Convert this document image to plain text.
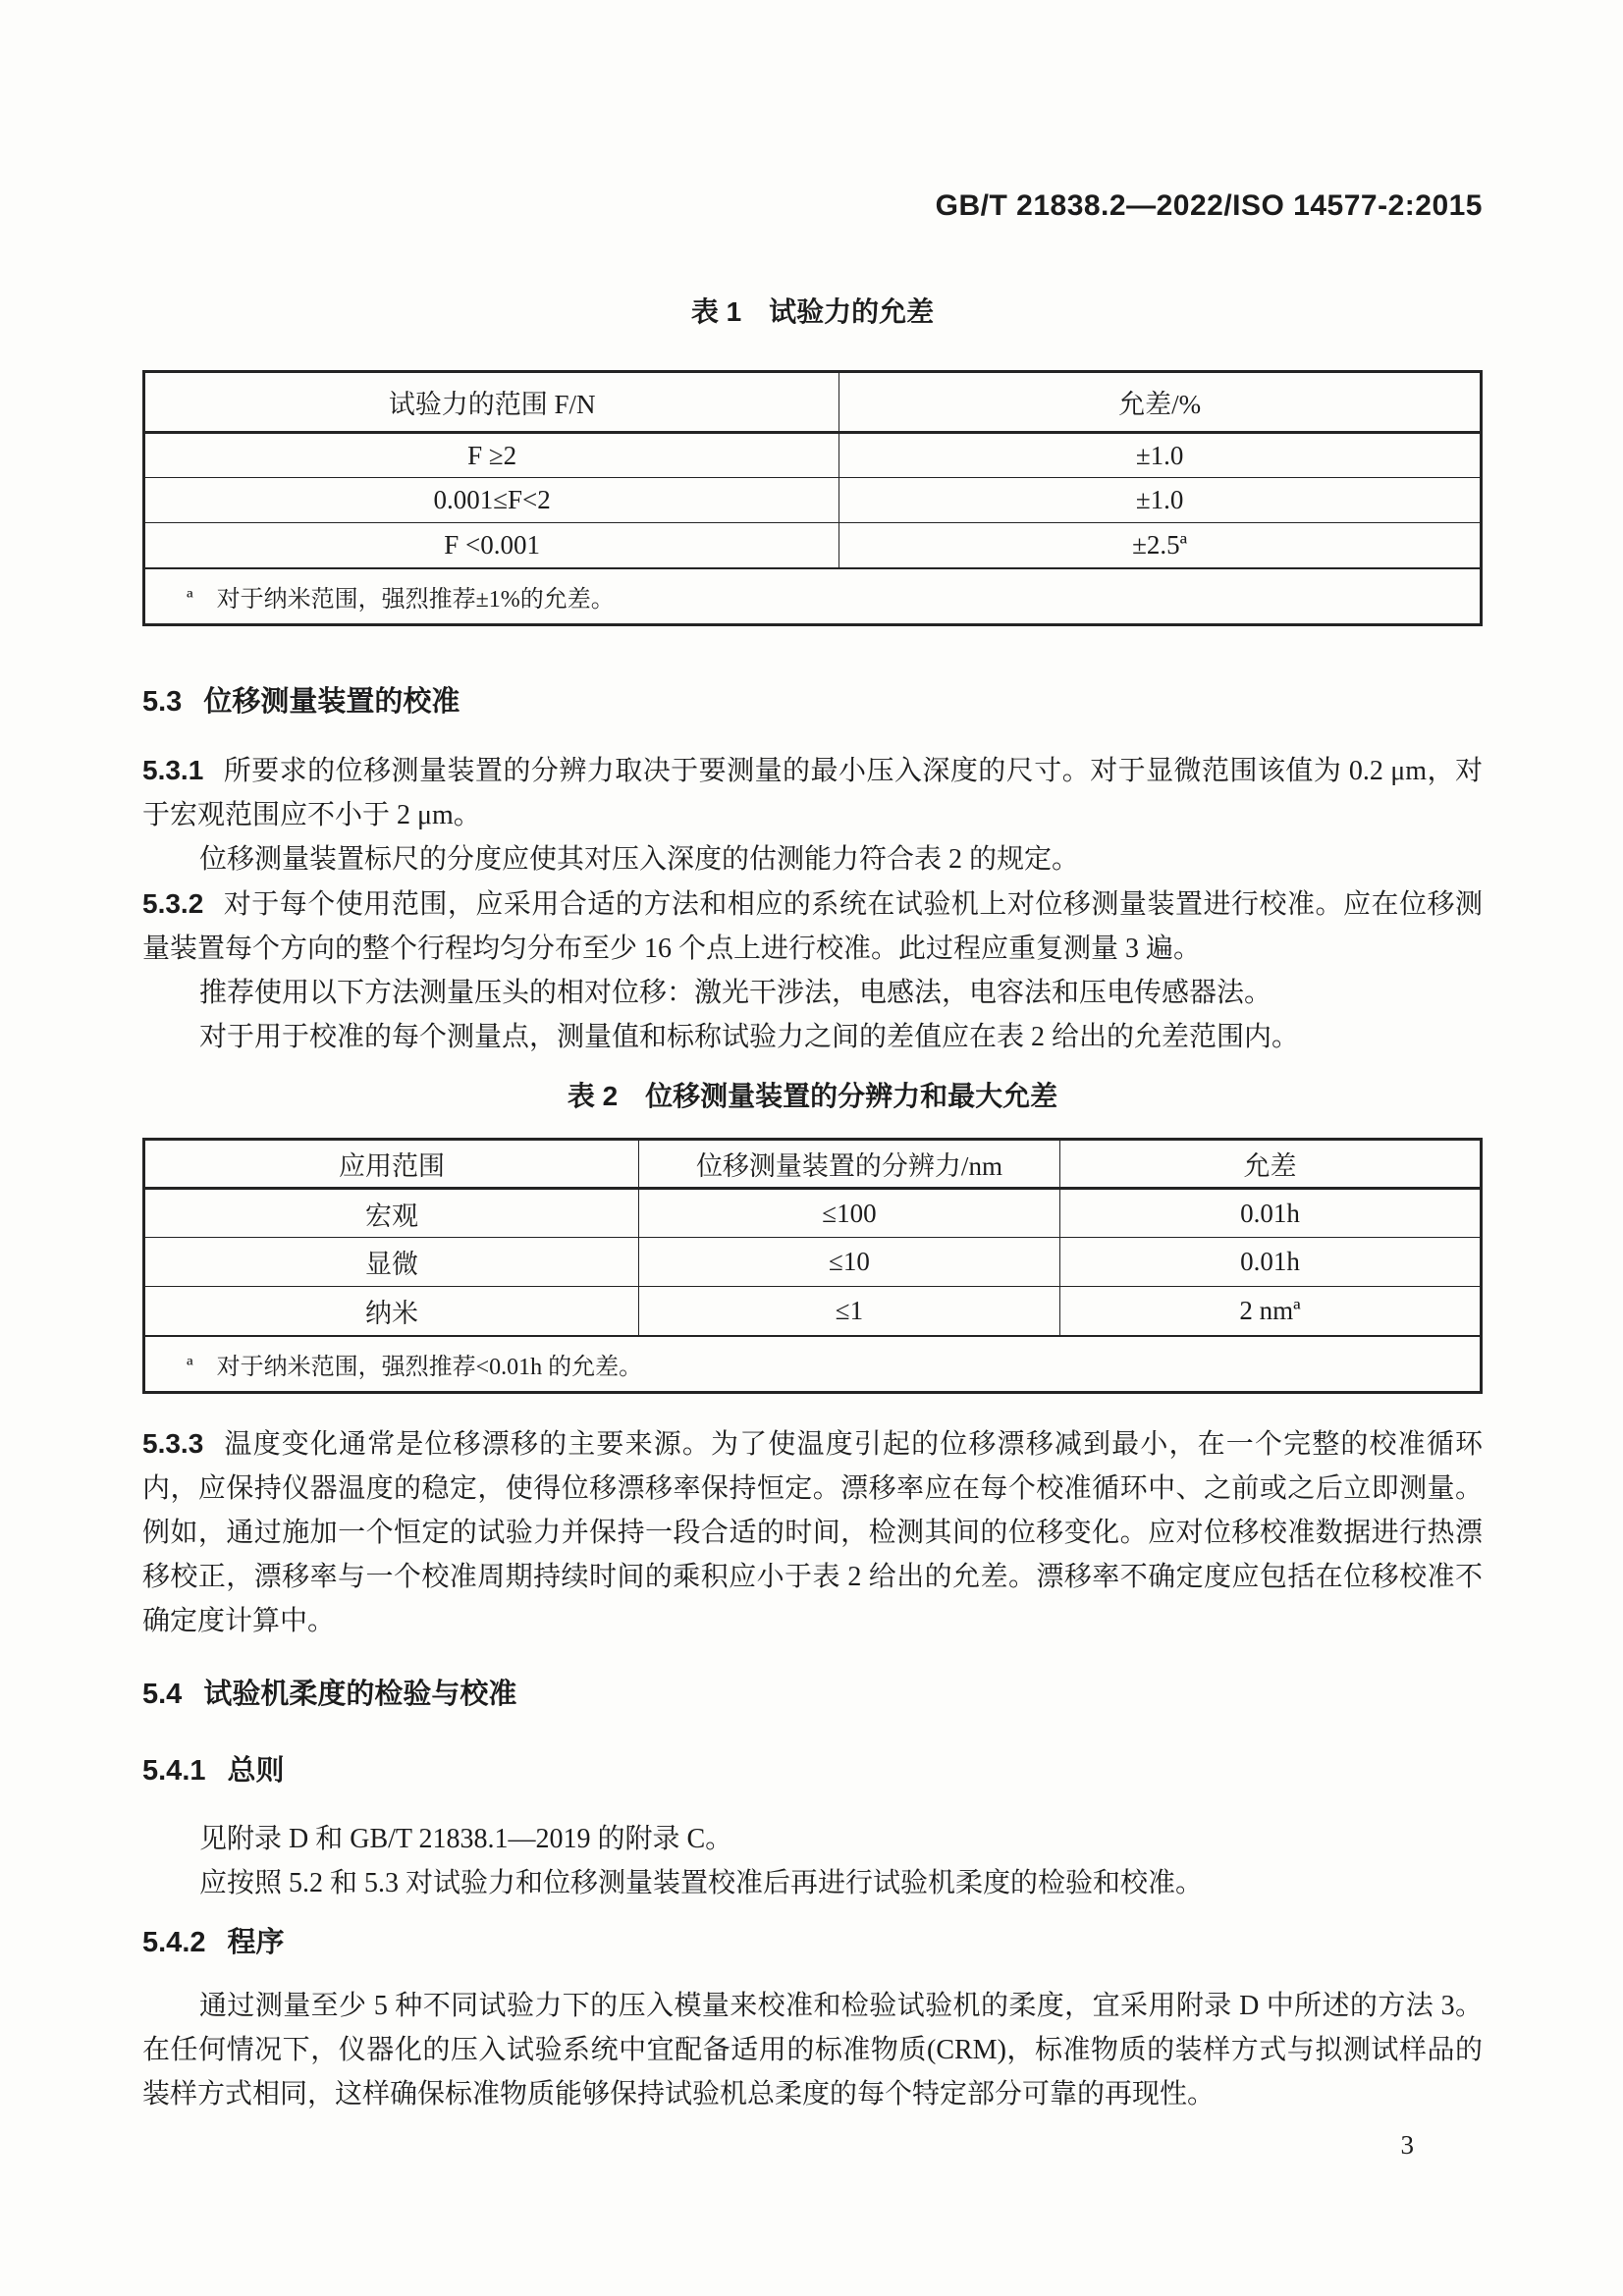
GB/T 21838.2—2022/ISO 14577-2:2015
表 1　试验力的允差
试验力的范围 F/N	允差/%
F ≥2	±1.0
0.001≤F<2	±1.0
F <0.001	±2.5ª
ª　对于纳米范围，强烈推荐±1%的允差。	
5.3 位移测量装置的校准

5.3.1 所要求的位移测量装置的分辨力取决于要测量的最小压入深度的尺寸。对于显微范围该值为 0.2 μm，对于宏观范围应不小于 2 μm。

位移测量装置标尺的分度应使其对压入深度的估测能力符合表 2 的规定。

5.3.2 对于每个使用范围，应采用合适的方法和相应的系统在试验机上对位移测量装置进行校准。应在位移测量装置每个方向的整个行程均匀分布至少 16 个点上进行校准。此过程应重复测量 3 遍。

推荐使用以下方法测量压头的相对位移：激光干涉法，电感法，电容法和压电传感器法。

对于用于校准的每个测量点，测量值和标称试验力之间的差值应在表 2 给出的允差范围内。

表 2　位移测量装置的分辨力和最大允差
应用范围	位移测量装置的分辨力/nm	允差
宏观	≤100	0.01h
显微	≤10	0.01h
纳米	≤1	2 nmª
ª　对于纳米范围，强烈推荐<0.01h 的允差。		

5.3.3 温度变化通常是位移漂移的主要来源。为了使温度引起的位移漂移减到最小，在一个完整的校准循环内，应保持仪器温度的稳定，使得位移漂移率保持恒定。漂移率应在每个校准循环中、之前或之后立即测量。例如，通过施加一个恒定的试验力并保持一段合适的时间，检测其间的位移变化。应对位移校准数据进行热漂移校正，漂移率与一个校准周期持续时间的乘积应小于表 2 给出的允差。漂移率不确定度应包括在位移校准不确定度计算中。

5.4 试验机柔度的检验与校准
5.4.1 总则

见附录 D 和 GB/T 21838.1—2019 的附录 C。

应按照 5.2 和 5.3 对试验力和位移测量装置校准后再进行试验机柔度的检验和校准。

5.4.2 程序

通过测量至少 5 种不同试验力下的压入模量来校准和检验试验机的柔度，宜采用附录 D 中所述的方法 3。在任何情况下，仪器化的压入试验系统中宜配备适用的标准物质(CRM)，标准物质的装样方式与拟测试样品的装样方式相同，这样确保标准物质能够保持试验机总柔度的每个特定部分可靠的再现性。

3
